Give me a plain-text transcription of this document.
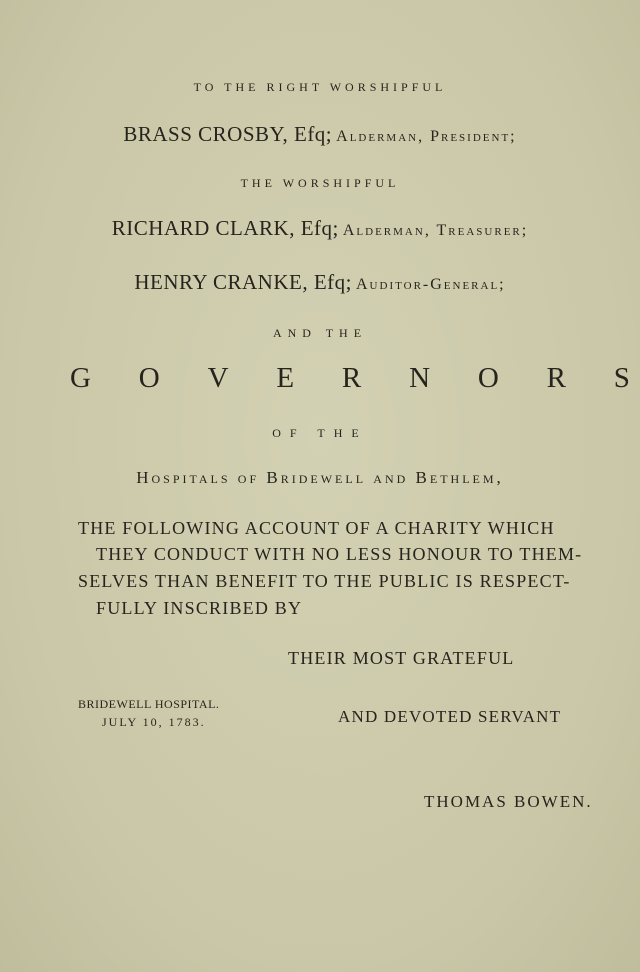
TO THE RIGHT WORSHIPFUL
BRASS CROSBY, Efq; Alderman, President;
THE WORSHIPFUL
RICHARD CLARK, Efq; Alderman, Treasurer;
HENRY CRANKE, Efq; Auditor-General;
AND THE
G O V E R N O R S
OF THE
Hospitals of Bridewell and Bethlem,
THE FOLLOWING ACCOUNT OF A CHARITY WHICH
THEY CONDUCT WITH NO LESS HONOUR TO THEM-
SELVES THAN BENEFIT TO THE PUBLIC IS RESPECT-
FULLY INSCRIBED BY
THEIR MOST GRATEFUL
BRIDEWELL HOSPITAL.
JULY 10, 1783.	AND DEVOTED SERVANT
THOMAS BOWEN.
